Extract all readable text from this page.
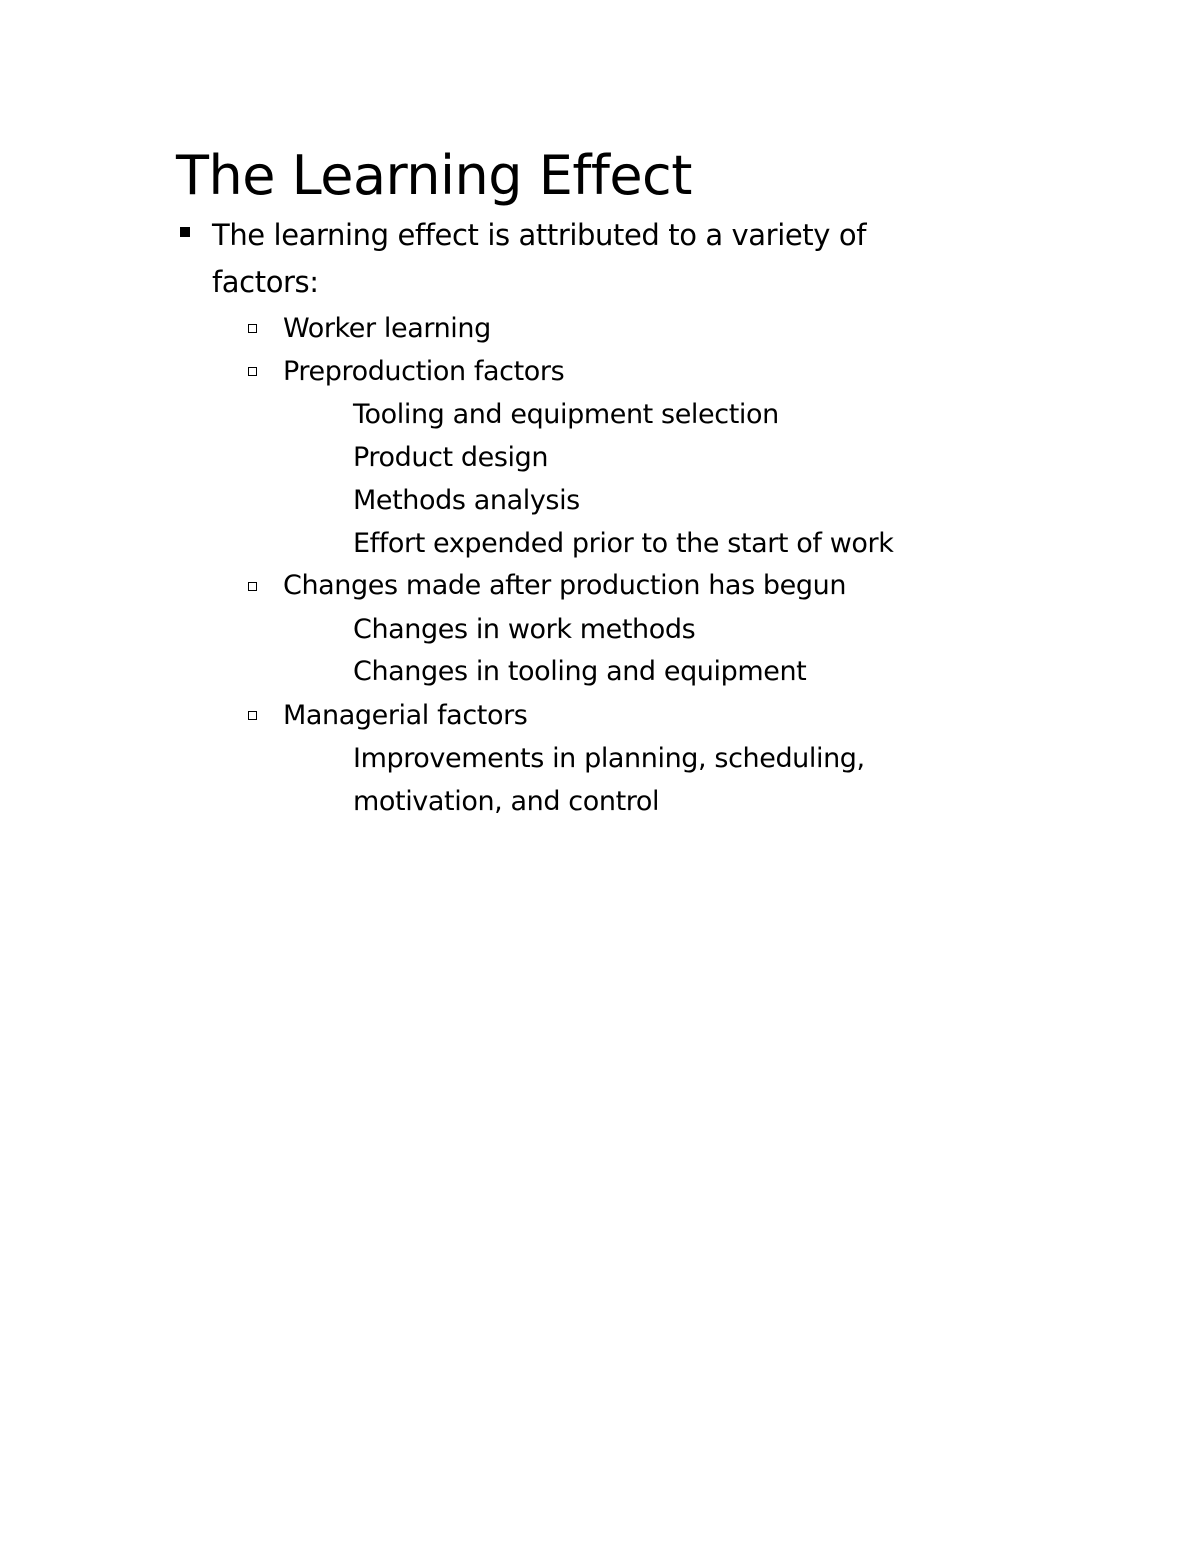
The Learning Effect
The learning effect is attributed to a variety of factors:
Worker learning
Preproduction factors
Tooling and equipment selection
Product design
Methods analysis
Effort expended prior to the start of work
Changes made after production has begun
Changes in work methods
Changes in tooling and equipment
Managerial factors
Improvements in planning, scheduling, motivation, and control
